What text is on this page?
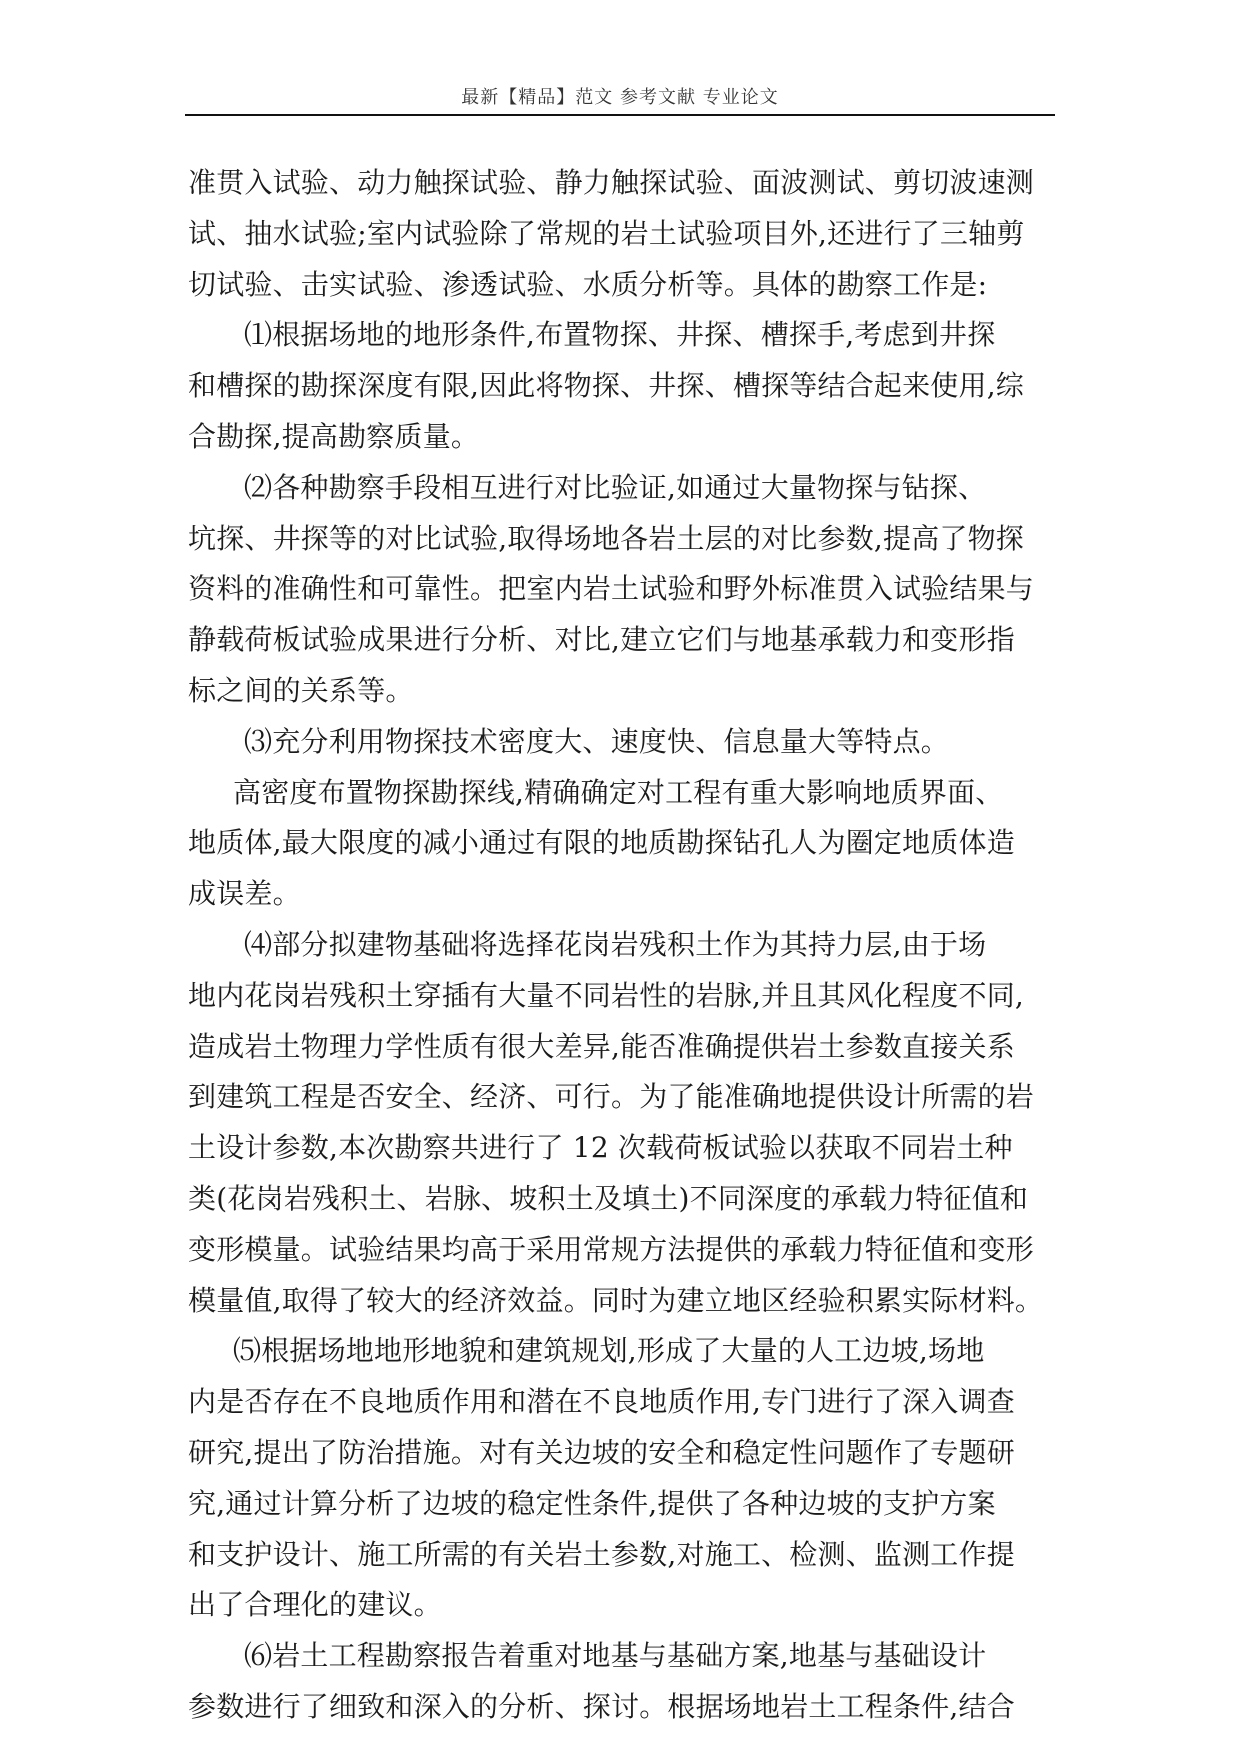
最新【精品】范文 参考文献 专业论文
准贯入试验、动力触探试验、静力触探试验、面波测试、剪切波速测
试、抽水试验;室内试验除了常规的岩土试验项目外,还进行了三轴剪
切试验、击实试验、渗透试验、水质分析等。具体的勘察工作是:
⑴根据场地的地形条件,布置物探、井探、槽探手,考虑到井探
和槽探的勘探深度有限,因此将物探、井探、槽探等结合起来使用,综
合勘探,提高勘察质量。
⑵各种勘察手段相互进行对比验证,如通过大量物探与钻探、
坑探、井探等的对比试验,取得场地各岩土层的对比参数,提高了物探
资料的准确性和可靠性。把室内岩土试验和野外标准贯入试验结果与
静载荷板试验成果进行分析、对比,建立它们与地基承载力和变形指
标之间的关系等。
⑶充分利用物探技术密度大、速度快、信息量大等特点。
高密度布置物探勘探线,精确确定对工程有重大影响地质界面、
地质体,最大限度的减小通过有限的地质勘探钻孔人为圈定地质体造
成误差。
⑷部分拟建物基础将选择花岗岩残积土作为其持力层,由于场
地内花岗岩残积土穿插有大量不同岩性的岩脉,并且其风化程度不同,
造成岩土物理力学性质有很大差异,能否准确提供岩土参数直接关系
到建筑工程是否安全、经济、可行。为了能准确地提供设计所需的岩
土设计参数,本次勘察共进行了 12 次载荷板试验以获取不同岩土种
类(花岗岩残积土、岩脉、坡积土及填土)不同深度的承载力特征值和
变形模量。试验结果均高于采用常规方法提供的承载力特征值和变形
模量值,取得了较大的经济效益。同时为建立地区经验积累实际材料。
⑸根据场地地形地貌和建筑规划,形成了大量的人工边坡,场地
内是否存在不良地质作用和潜在不良地质作用,专门进行了深入调查
研究,提出了防治措施。对有关边坡的安全和稳定性问题作了专题研
究,通过计算分析了边坡的稳定性条件,提供了各种边坡的支护方案
和支护设计、施工所需的有关岩土参数,对施工、检测、监测工作提
出了合理化的建议。
⑹岩土工程勘察报告着重对地基与基础方案,地基与基础设计
参数进行了细致和深入的分析、探讨。根据场地岩土工程条件,结合
